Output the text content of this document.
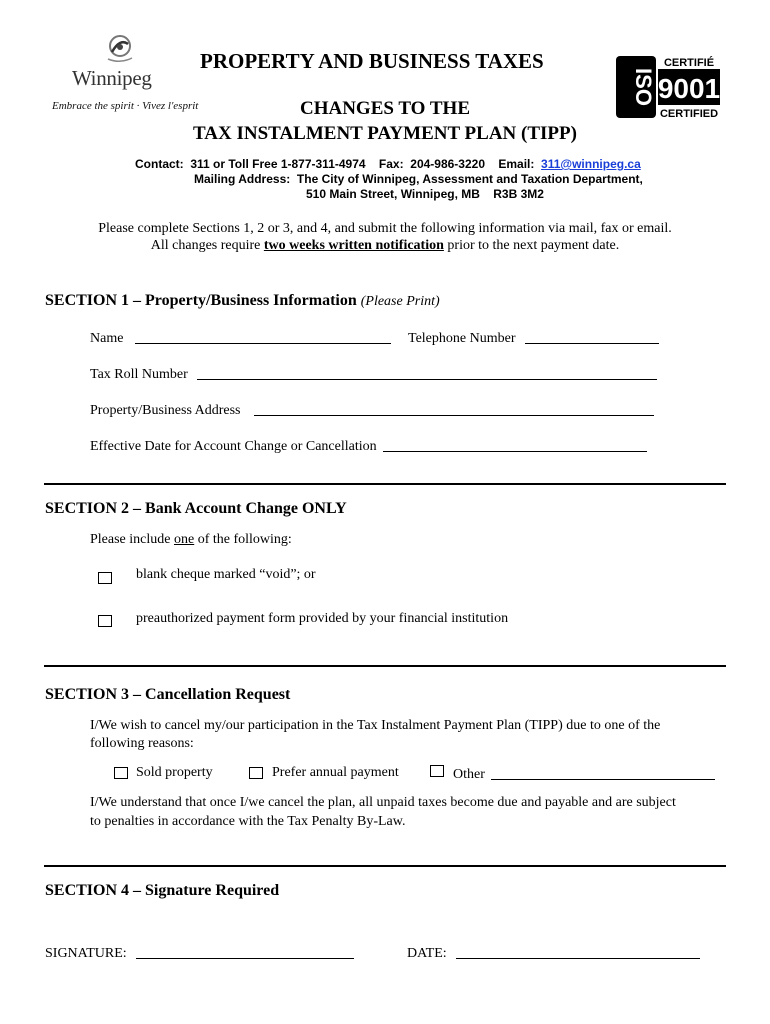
Winnipeg
Embrace the spirit · Vivez l'esprit
ISO
CERTIFIÉ
9001
CERTIFIED
PROPERTY AND BUSINESS TAXES
CHANGES TO THE
TAX INSTALMENT PAYMENT PLAN (TIPP)
Contact: 311 or Toll Free 1-877-311-4974 Fax: 204-986-3220 Email: 311@winnipeg.ca
Mailing Address: The City of Winnipeg, Assessment and Taxation Department,
510 Main Street, Winnipeg, MB    R3B 3M2
Please complete Sections 1, 2 or 3, and 4, and submit the following information via mail, fax or email.
All changes require two weeks written notification prior to the next payment date.
SECTION 1 – Property/Business Information (Please Print)
Name	Telephone Number
Tax Roll Number
Property/Business Address
Effective Date for Account Change or Cancellation
SECTION 2 – Bank Account Change ONLY
Please include one of the following:
blank cheque marked “void”; or
preauthorized payment form provided by your financial institution
SECTION 3 – Cancellation Request
I/We wish to cancel my/our participation in the Tax Instalment Payment Plan (TIPP) due to one of the
following reasons:
Sold property	Prefer annual payment	Other
I/We understand that once I/we cancel the plan, all unpaid taxes become due and payable and are subject
to penalties in accordance with the Tax Penalty By-Law.
SECTION 4 – Signature Required
SIGNATURE:	DATE:
